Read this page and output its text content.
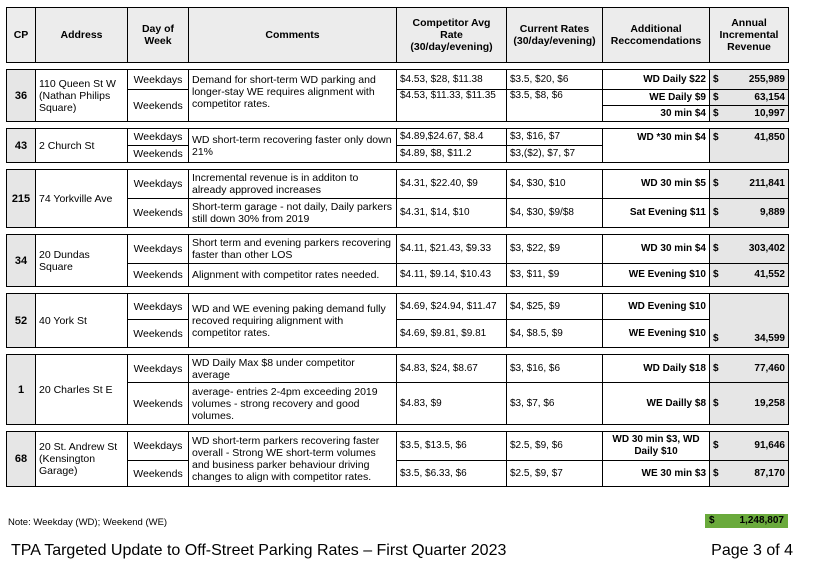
CP	Address	Day of Week	Comments	Competitor Avg Rate (30/day/evening)	Current Rates (30/day/evening)	Additional Reccomendations	Annual Incremental Revenue

36	110 Queen St W (Nathan Philips Square)	Weekdays	Demand for short-term WD parking and longer-stay WE requires alignment with competitor rates.	$4.53, $28, $11.38	$3.5, $20, $6	WD Daily $22	$ 255,989

		Weekends		$4.53, $11.33, $11.35	$3.5, $8, $6	WE Daily $9	$ 63,154

						30 min $4	$ 10,997

43	2 Church St	Weekdays	WD short-term recovering faster only down 21%	$4.89,$24.67, $8.4	$3, $16, $7	WD *30 min $4	$ 41,850

		Weekends		$4.89, $8, $11.2	$3,($2), $7, $7		

215	74 Yorkville Ave	Weekdays	Incremental revenue is in additon to already approved increases	$4.31, $22.40, $9	$4, $30, $10	WD 30 min $5	$ 211,841

		Weekends	Short-term garage - not daily, Daily parkers still down 30% from 2019	$4.31, $14, $10	$4, $30, $9/$8	Sat Evening $11	$ 9,889

34	20 Dundas Square	Weekdays	Short term and evening parkers recovering faster than other LOS	$4.11, $21.43, $9.33	$3, $22, $9	WD 30 min $4	$ 303,402

		Weekends	Alignment with competitor rates needed.	$4.11, $9.14, $10.43	$3, $11, $9	WE Evening $10	$ 41,552

52	40 York St	Weekdays	WD and WE evening paking demand fully recoved requiring alignment with competitor rates.	$4.69, $24.94, $11.47	$4, $25, $9	WD Evening $10	$ 34,599

		Weekends		$4.69, $9.81, $9.81	$4, $8.5, $9	WE Evening $10	

1	20 Charles St E	Weekdays	WD Daily Max $8 under competitor average	$4.83, $24, $8.67	$3, $16, $6	WD Daily $18	$ 77,460

		Weekends	average- entries 2-4pm exceeding 2019 volumes - strong recovery and good volumes.	$4.83, $9	$3, $7, $6	WE Dailly $8	$ 19,258

68	20 St. Andrew St (Kensington Garage)	Weekdays	WD short-term parkers recovering faster overall - Strong WE short-term volumes and business parker behaviour driving changes to align with competitor rates.	$3.5, $13.5, $6	$2.5, $9, $6	WD 30 min $3, WD Daily $10	$ 91,646

		Weekends		$3.5, $6.33, $6	$2.5, $9, $7	WE 30 min $3	$ 87,170
Note: Weekday (WD); Weekend (WE)	$ 1,248,807
TPA Targeted Update to Off-Street Parking Rates – First Quarter 2023	Page 3 of 4
